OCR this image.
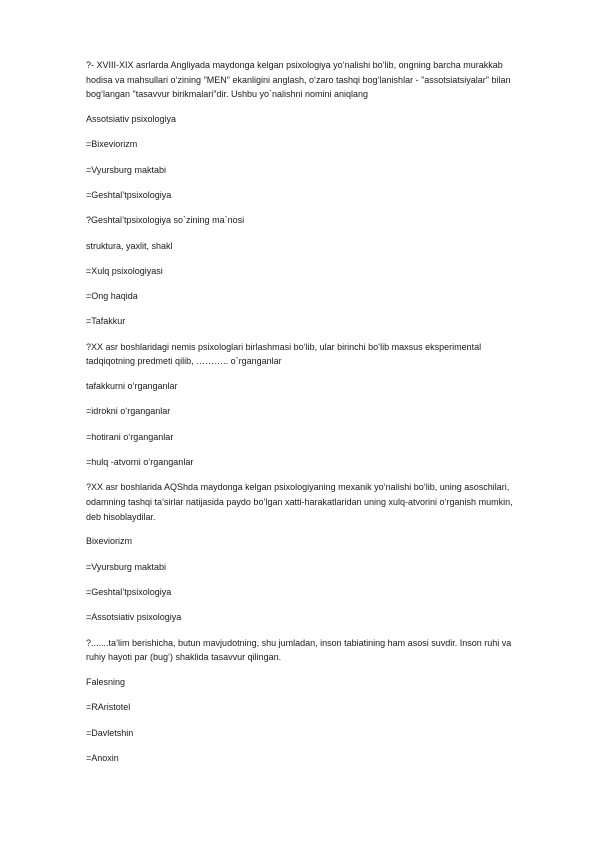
?- XVIII-XIX asrlarda Angliyada maydonga kelgan psixologiya yo‘nalishi bo‘lib, ongning barcha murakkab hodisa va mahsullari o‘zining "MEN" ekanligini anglash, o‘zaro tashqi bog‘lanishlar - "assotsiatsiyalar" bilan bog‘langan "tasavvur birikmalari"dir. Ushbu yo`nalishni nomini aniqlang

Assotsiativ psixologiya

=Bixeviorizm

=Vyursburg maktabi

=Geshtal’tpsixologiya

?Geshtal’tpsixologiya so`zining ma`nosi

struktura, yaxlit, shakl

=Xulq psixologiyasi

=Ong haqida

=Tafakkur

?XX asr boshlaridagi nemis psixologlari birlashmasi bo‘lib, ular birinchi bo‘lib maxsus eksperimental tadqiqotning predmeti qilib, ……….. o`rganganlar

tafakkurni o‘rganganlar

=idrokni o‘rganganlar

=hotirani o‘rganganlar

=hulq -atvorni o‘rganganlar

?XX asr boshlarida AQShda maydonga kelgan psixologiyaning mexanik yo‘nalishi bo‘lib, uning asoschilari, odamning tashqi ta’sirlar natijasida paydo bo‘lgan xatti-harakatlaridan uning xulq-atvorini o‘rganish mumkin, deb hisoblaydilar.

Bixeviorizm

=Vyursburg maktabi

=Geshtal’tpsixologiya

=Assotsiativ psixologiya

?.......ta’lim berishicha, butun mavjudotning, shu jumladan, inson tabiatining ham asosi suvdir. Inson ruhi va ruhiy hayoti par (bug‘) shaklida tasavvur qilingan.

Falesning

=RAristotel

=Davletshin

=Anoxin
